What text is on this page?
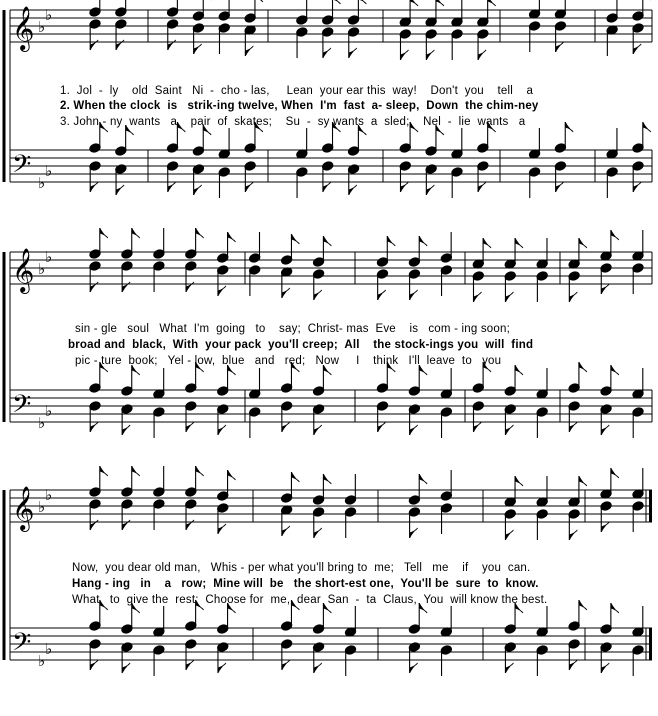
𝄞 ♭
♭
𝄢 ♭
♭
𝄞 ♭
♭
𝄢 ♭
♭
𝄞 ♭
♭
𝄢 ♭
♭
1.  Jol  -  ly    old  Saint   Ni  -  cho - las,     Lean  your ear this  way!    Don't  you    tell    a
2. When the clock  is   strik-ing twelve, When  I'm  fast  a- sleep,  Down  the chim-ney
3. John - ny  wants   a    pair  of  skates;    Su  -  sy wants  a  sled;    Nel  -  lie  wants   a
sin - gle   soul   What  I'm  going   to    say;  Christ- mas  Eve    is   com - ing soon;
broad and  black,  With  your pack  you'll creep;  All    the stock-ings you  will  find
pic - ture  book;   Yel - low,  blue   and   red;   Now     I    think   I'll  leave  to   you
Now,  you dear old man,   Whis - per what you'll bring to  me;   Tell   me    if    you  can.
Hang - ing   in    a   row;  Mine will  be   the short-est one,  You'll be  sure  to  know.
What   to  give the  rest;  Choose for  me,  dear  San  -  ta  Claus,  You  will know the best.
